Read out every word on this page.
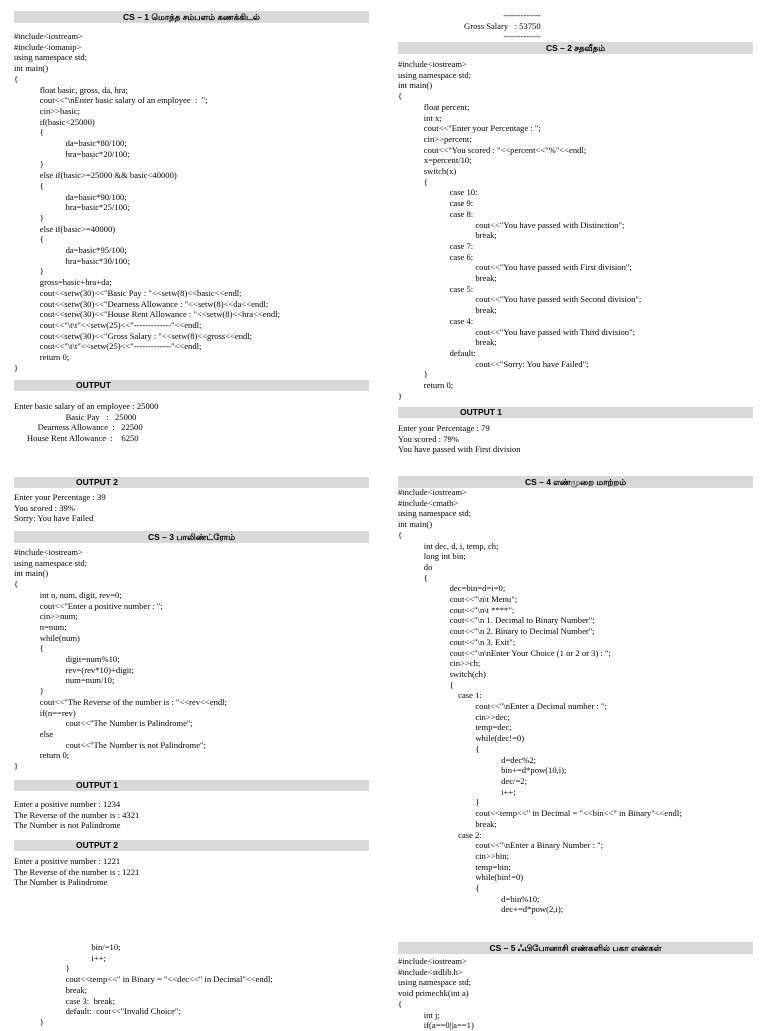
CS – 1 மொத்த சம்பளம் கணக்கிடல்
#include<iostream>
#include<iomanip>
using namespace std;
int main()
{
float basic, gross, da, hra;
cout<<"\nEnter basic salary of an employee  :  ";
cin>>basic;
if(basic<25000)
{
da=basic*80/100;
hra=basic*20/100;
}
else if(basic>=25000 && basic<40000)
{
da=basic*90/100;
hra=basic*25/100;
}
else if(basic>=40000)
{
da=basic*95/100;
hra=basic*30/100;
}
gross=basic+hra+da;
cout<<setw(30)<<"Basic Pay : "<<setw(8)<<basic<<endl;
cout<<setw(30)<<"Dearness Allowance : "<<setw(8)<<da<<endl;
cout<<setw(30)<<"House Rent Allowance : "<<setw(8)<<hra<<endl;
cout<<"\t\t"<<setw(25)<<"-------------"<<endl;
cout<<setw(30)<<"Gross Salary : "<<setw(8)<<gross<<endl;
cout<<"\t\t"<<setw(25)<<"-------------"<<endl;
return 0;
}
OUTPUT
Enter basic salary of an employee : 25000
Basic Pay   :   25000
Dearness Allowance  :   22500
House Rent Allowance  :    6250
OUTPUT 2
Enter your Percentage : 39
You scored : 39%
Sorry: You have Failed
CS – 3 பாலிண்ட்ரோம்
#include<iostream>
using namespace std;
int main()
{
int n, num, digit, rev=0;
cout<<"Enter a positive number : ";
cin>>num;
n=num;
while(num)
{
digit=num%10;
rev=(rev*10)+digit;
num=num/10;
}
cout<<"The Reverse of the number is : "<<rev<<endl;
if(n==rev)
cout<<"The Number is Palindrome";
else
cout<<"The Number is not Palindrome";
return 0;
}
OUTPUT 1
Enter a positive number : 1234
The Reverse of the number is : 4321
The Number is not Palindrome
OUTPUT 2
Enter a positive number : 1221
The Reverse of the number is : 1221
The Number is Palindrome
bin/=10;
i++;
}
cout<<temp<<" in Binary = "<<dec<<" in Decimal"<<endl;
break;
case 3:  break;
default:  cout<<"Invalid Choice";
}
-------------
Gross Salary   : 53750
-------------
CS – 2 சதவீதம்
#include<iostream>
using namespace std;
int main()
{
float percent;
int x;
cout<<"Enter your Percentage : ";
cin>>percent;
cout<<"You scored : "<<percent<<"%"<<endl;
x=percent/10;
switch(x)
{
case 10:
case 9:
case 8:
cout<<"You have passed with Distinction";
break;
case 7:
case 6:
cout<<"You have passed with First division";
break;
case 5:
cout<<"You have passed with Second division";
break;
case 4:
cout<<"You have passed with Third division";
break;
default:
cout<<"Sorry: You have Failed";
}
return 0;
}
OUTPUT 1
Enter your Percentage : 79
You scored : 79%
You have passed with First division
CS – 4 எண்முறை மாற்றம்
#include<iostream>
#include<cmath>
using namespace std;
int main()
{
int dec, d, i, temp, ch;
long int bin;
do
{
dec=bin=d=i=0;
cout<<"\n\t Menu";
cout<<"\n\t ****";
cout<<"\n 1. Decimal to Binary Number";
cout<<"\n 2. Binary to Decimal Number";
cout<<"\n 3. Exit";
cout<<"\n\nEnter Your Choice (1 or 2 or 3) : ";
cin>>ch;
switch(ch)
{
case 1:
cout<<"\nEnter a Decimal number : ";
cin>>dec;
temp=dec;
while(dec!=0)
{
d=dec%2;
bin+=d*pow(10,i);
dec/=2;
i++;
}
cout<<temp<<" in Decimal = "<<bin<<" in Binary"<<endl;
break;
case 2:
cout<<"\nEnter a Binary Number : ";
cin>>bin;
temp=bin;
while(bin!=0)
{
d=bin%10;
dec+=d*pow(2,i);
CS – 5 ஃபிபோனாசி எண்களில் பகா எண்கள்
#include<iostream>
#include<stdlib.h>
using namespace std;
void primechk(int a)
{
int j;
if(a==0||a==1)
